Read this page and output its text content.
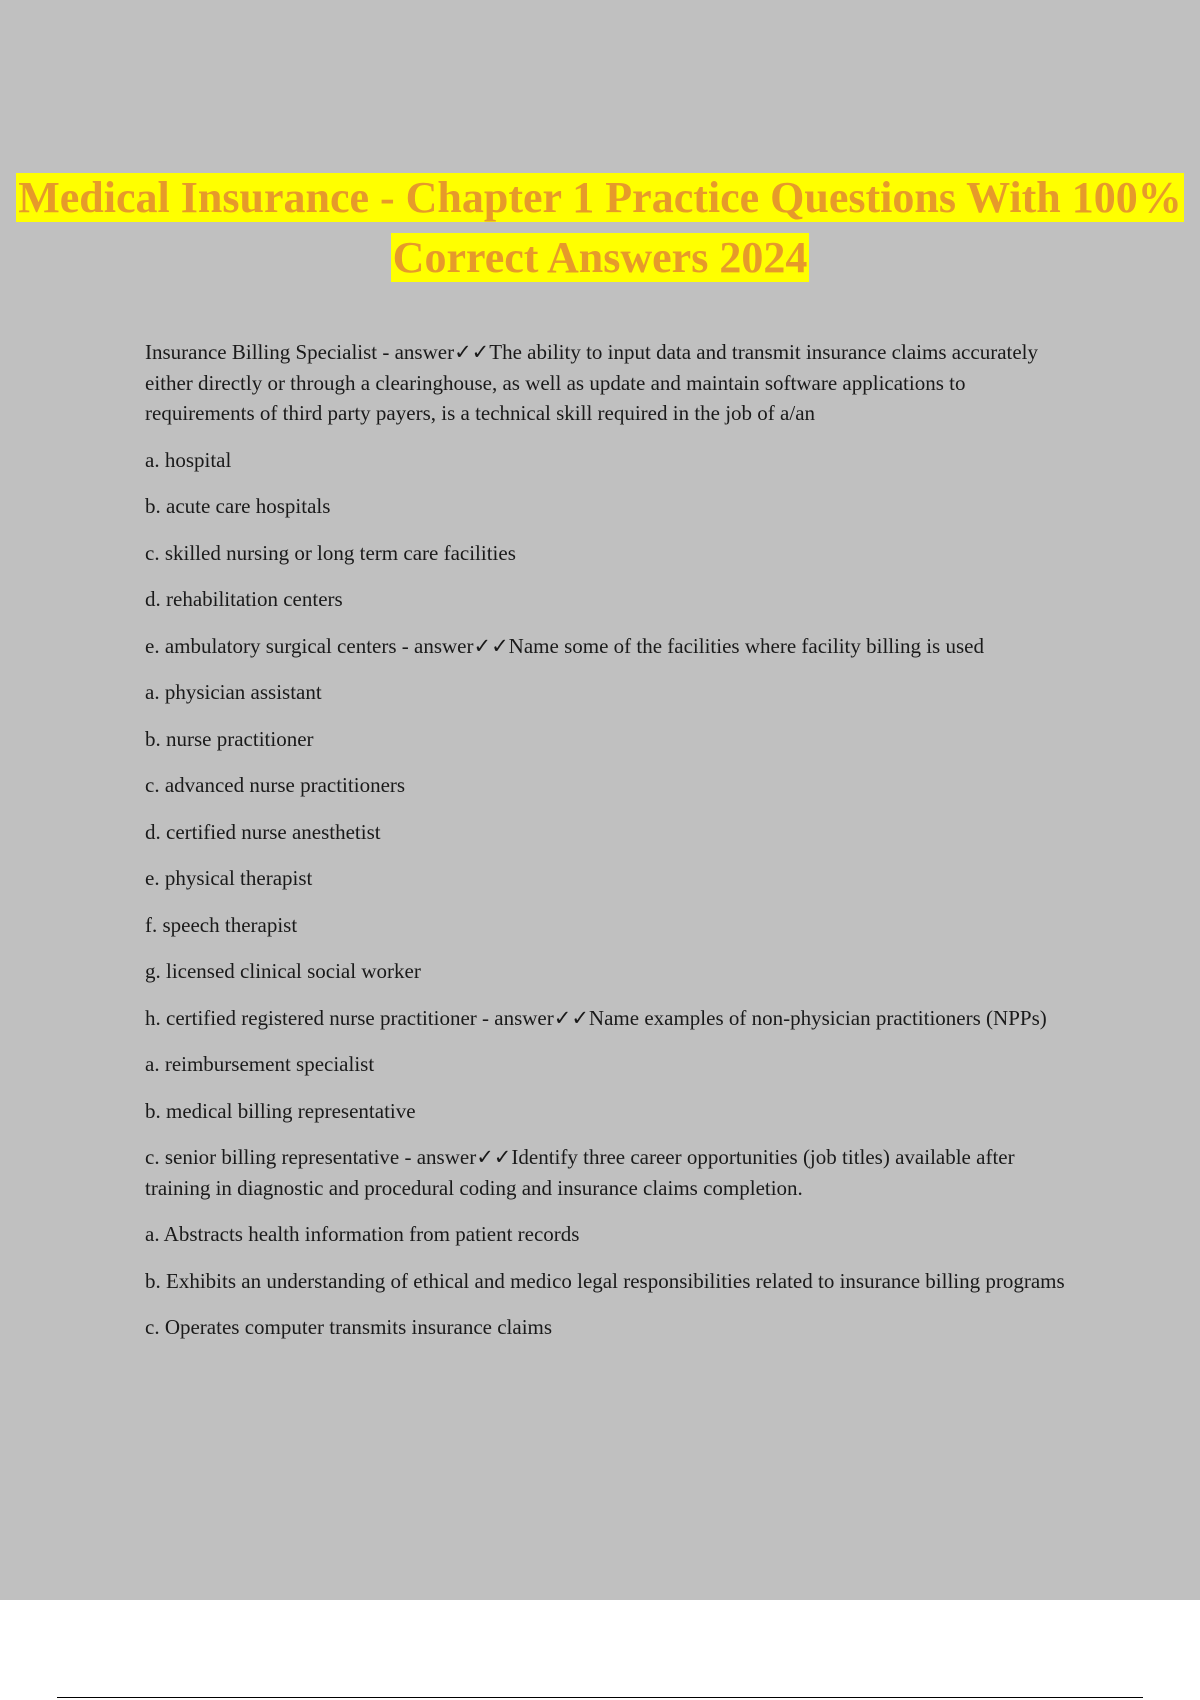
Medical Insurance - Chapter 1 Practice Questions With 100% Correct Answers 2024

Insurance Billing Specialist - answer✓✓The ability to input data and transmit insurance claims accurately either directly or through a clearinghouse, as well as update and maintain software applications to requirements of third party payers, is a technical skill required in the job of a/an

a. hospital

b. acute care hospitals

c. skilled nursing or long term care facilities

d. rehabilitation centers

e. ambulatory surgical centers - answer✓✓Name some of the facilities where facility billing is used

a. physician assistant

b. nurse practitioner

c. advanced nurse practitioners

d. certified nurse anesthetist

e. physical therapist

f. speech therapist

g. licensed clinical social worker

h. certified registered nurse practitioner - answer✓✓Name examples of non-physician practitioners (NPPs)

a. reimbursement specialist

b. medical billing representative

c. senior billing representative - answer✓✓Identify three career opportunities (job titles) available after training in diagnostic and procedural coding and insurance claims completion.

a. Abstracts health information from patient records

b. Exhibits an understanding of ethical and medico legal responsibilities related to insurance billing programs

c. Operates computer transmits insurance claims
